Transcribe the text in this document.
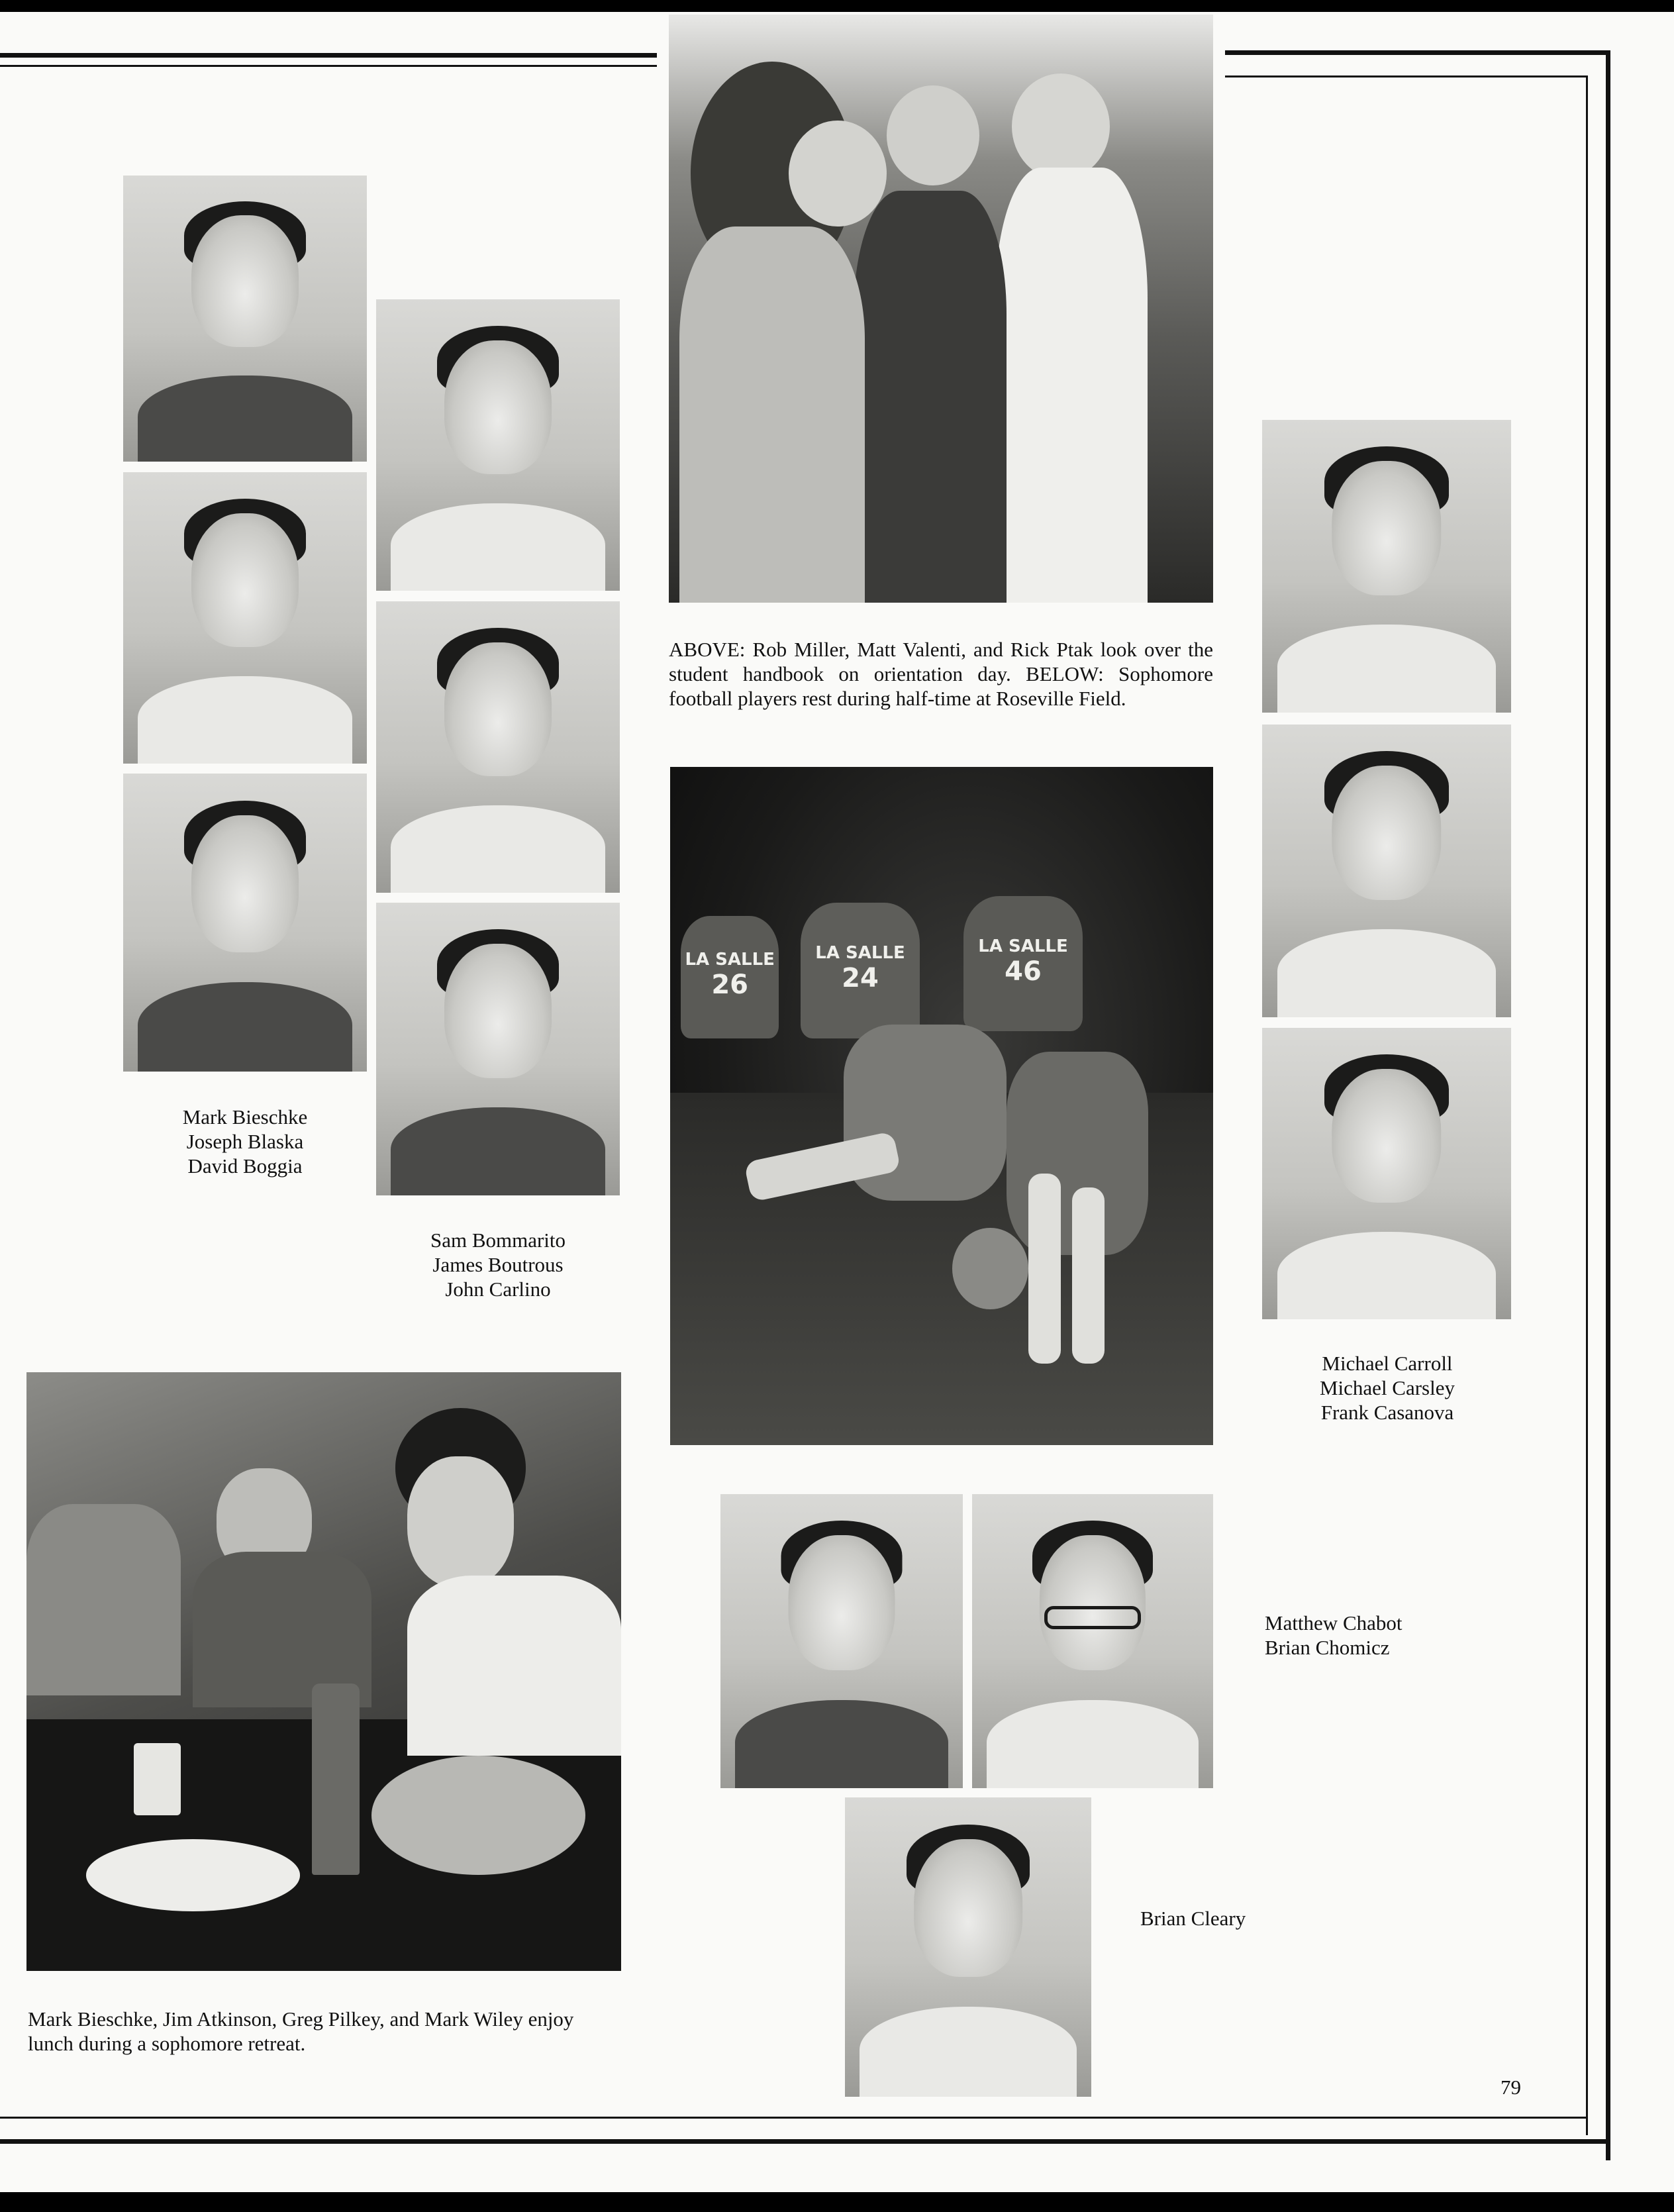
Mark Bieschke
Joseph Blaska
David Boggia
Sam Bommarito
James Boutrous
John Carlino
ABOVE: Rob Miller, Matt Valenti, and Rick Ptak look over the student handbook on orientation day. BELOW: Sophomore football players rest during half-time at Roseville Field.
LA SALLE
26
LA SALLE
24
LA SALLE
46
Michael Carroll
Michael Carsley
Frank Casanova
Mark Bieschke, Jim Atkinson, Greg Pilkey, and Mark Wiley enjoy lunch during a sophomore retreat.
Matthew Chabot
Brian Chomicz
Brian Cleary
79
